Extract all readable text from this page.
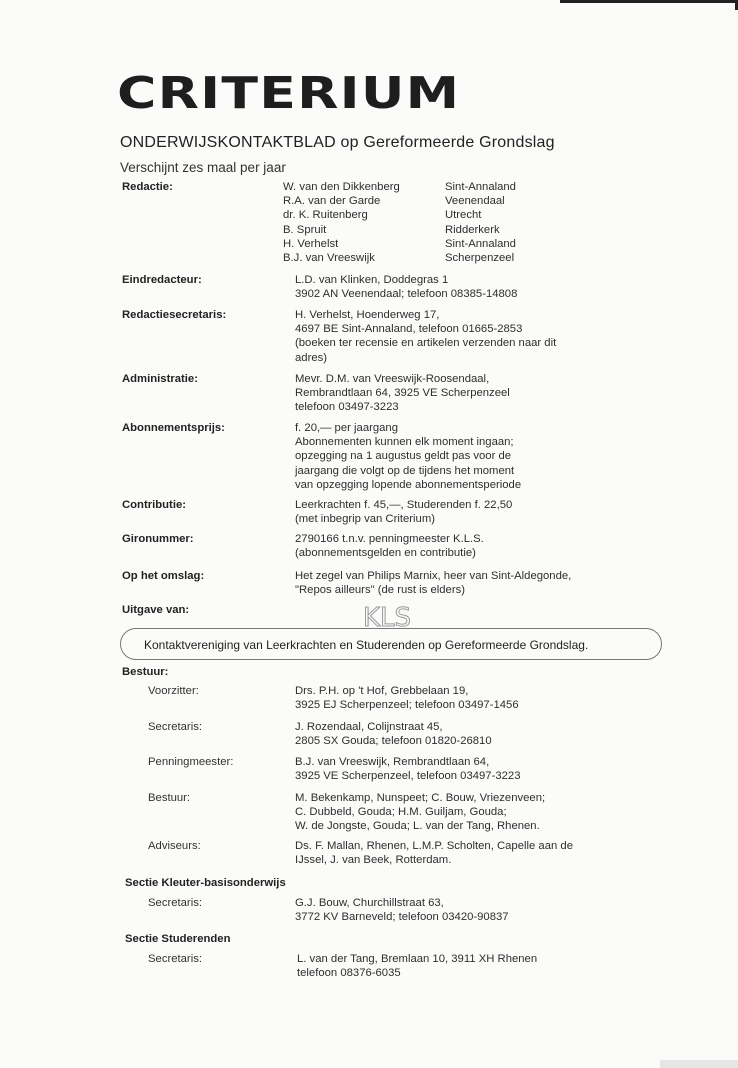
CRITERIUM
ONDERWIJSKONTAKTBLAD op Gereformeerde Grondslag
Verschijnt zes maal per jaar
Redactie:	W. van den Dikkenberg	Sint-Annaland
R.A. van der Garde	Veenendaal
dr. K. Ruitenberg	Utrecht
B. Spruit	Ridderkerk
H. Verhelst	Sint-Annaland
B.J. van Vreeswijk	Scherpenzeel
Eindredacteur:	L.D. van Klinken, Doddegras 1
3902 AN Veenendaal; telefoon 08385-14808
Redactiesecretaris:	H. Verhelst, Hoenderweg 17,
4697 BE Sint-Annaland, telefoon 01665-2853
(boeken ter recensie en artikelen verzenden naar dit
adres)
Administratie:	Mevr. D.M. van Vreeswijk-Roosendaal,
Rembrandtlaan 64, 3925 VE Scherpenzeel
telefoon 03497-3223
Abonnementsprijs:	f. 20,— per jaargang
Abonnementen kunnen elk moment ingaan;
opzegging na 1 augustus geldt pas voor de
jaargang die volgt op de tijdens het moment
van opzegging lopende abonnementsperiode
Contributie:	Leerkrachten f. 45,—, Studerenden f. 22,50
(met inbegrip van Criterium)
Gironummer:	2790166 t.n.v. penningmeester K.L.S.
(abonnementsgelden en contributie)
Op het omslag:	Het zegel van Philips Marnix, heer van Sint-Aldegonde,
"Repos ailleurs" (de rust is elders)
Uitgave van:	KLS
Kontaktvereniging van Leerkrachten en Studerenden op Gereformeerde Grondslag.
Bestuur:
Voorzitter:	Drs. P.H. op 't Hof, Grebbelaan 19,
3925 EJ Scherpenzeel; telefoon 03497-1456
Secretaris:	J. Rozendaal, Colijnstraat 45,
2805 SX Gouda; telefoon 01820-26810
Penningmeester:	B.J. van Vreeswijk, Rembrandtlaan 64,
3925 VE Scherpenzeel, telefoon 03497-3223
Bestuur:	M. Bekenkamp, Nunspeet; C. Bouw, Vriezenveen;
C. Dubbeld, Gouda; H.M. Guiljam, Gouda;
W. de Jongste, Gouda; L. van der Tang, Rhenen.
Adviseurs:	Ds. F. Mallan, Rhenen, L.M.P. Scholten, Capelle aan de
IJssel, J. van Beek, Rotterdam.
Sectie Kleuter-basisonderwijs
Secretaris:	G.J. Bouw, Churchillstraat 63,
3772 KV Barneveld; telefoon 03420-90837
Sectie Studerenden
Secretaris:	L. van der Tang, Bremlaan 10, 3911 XH Rhenen
telefoon 08376-6035
